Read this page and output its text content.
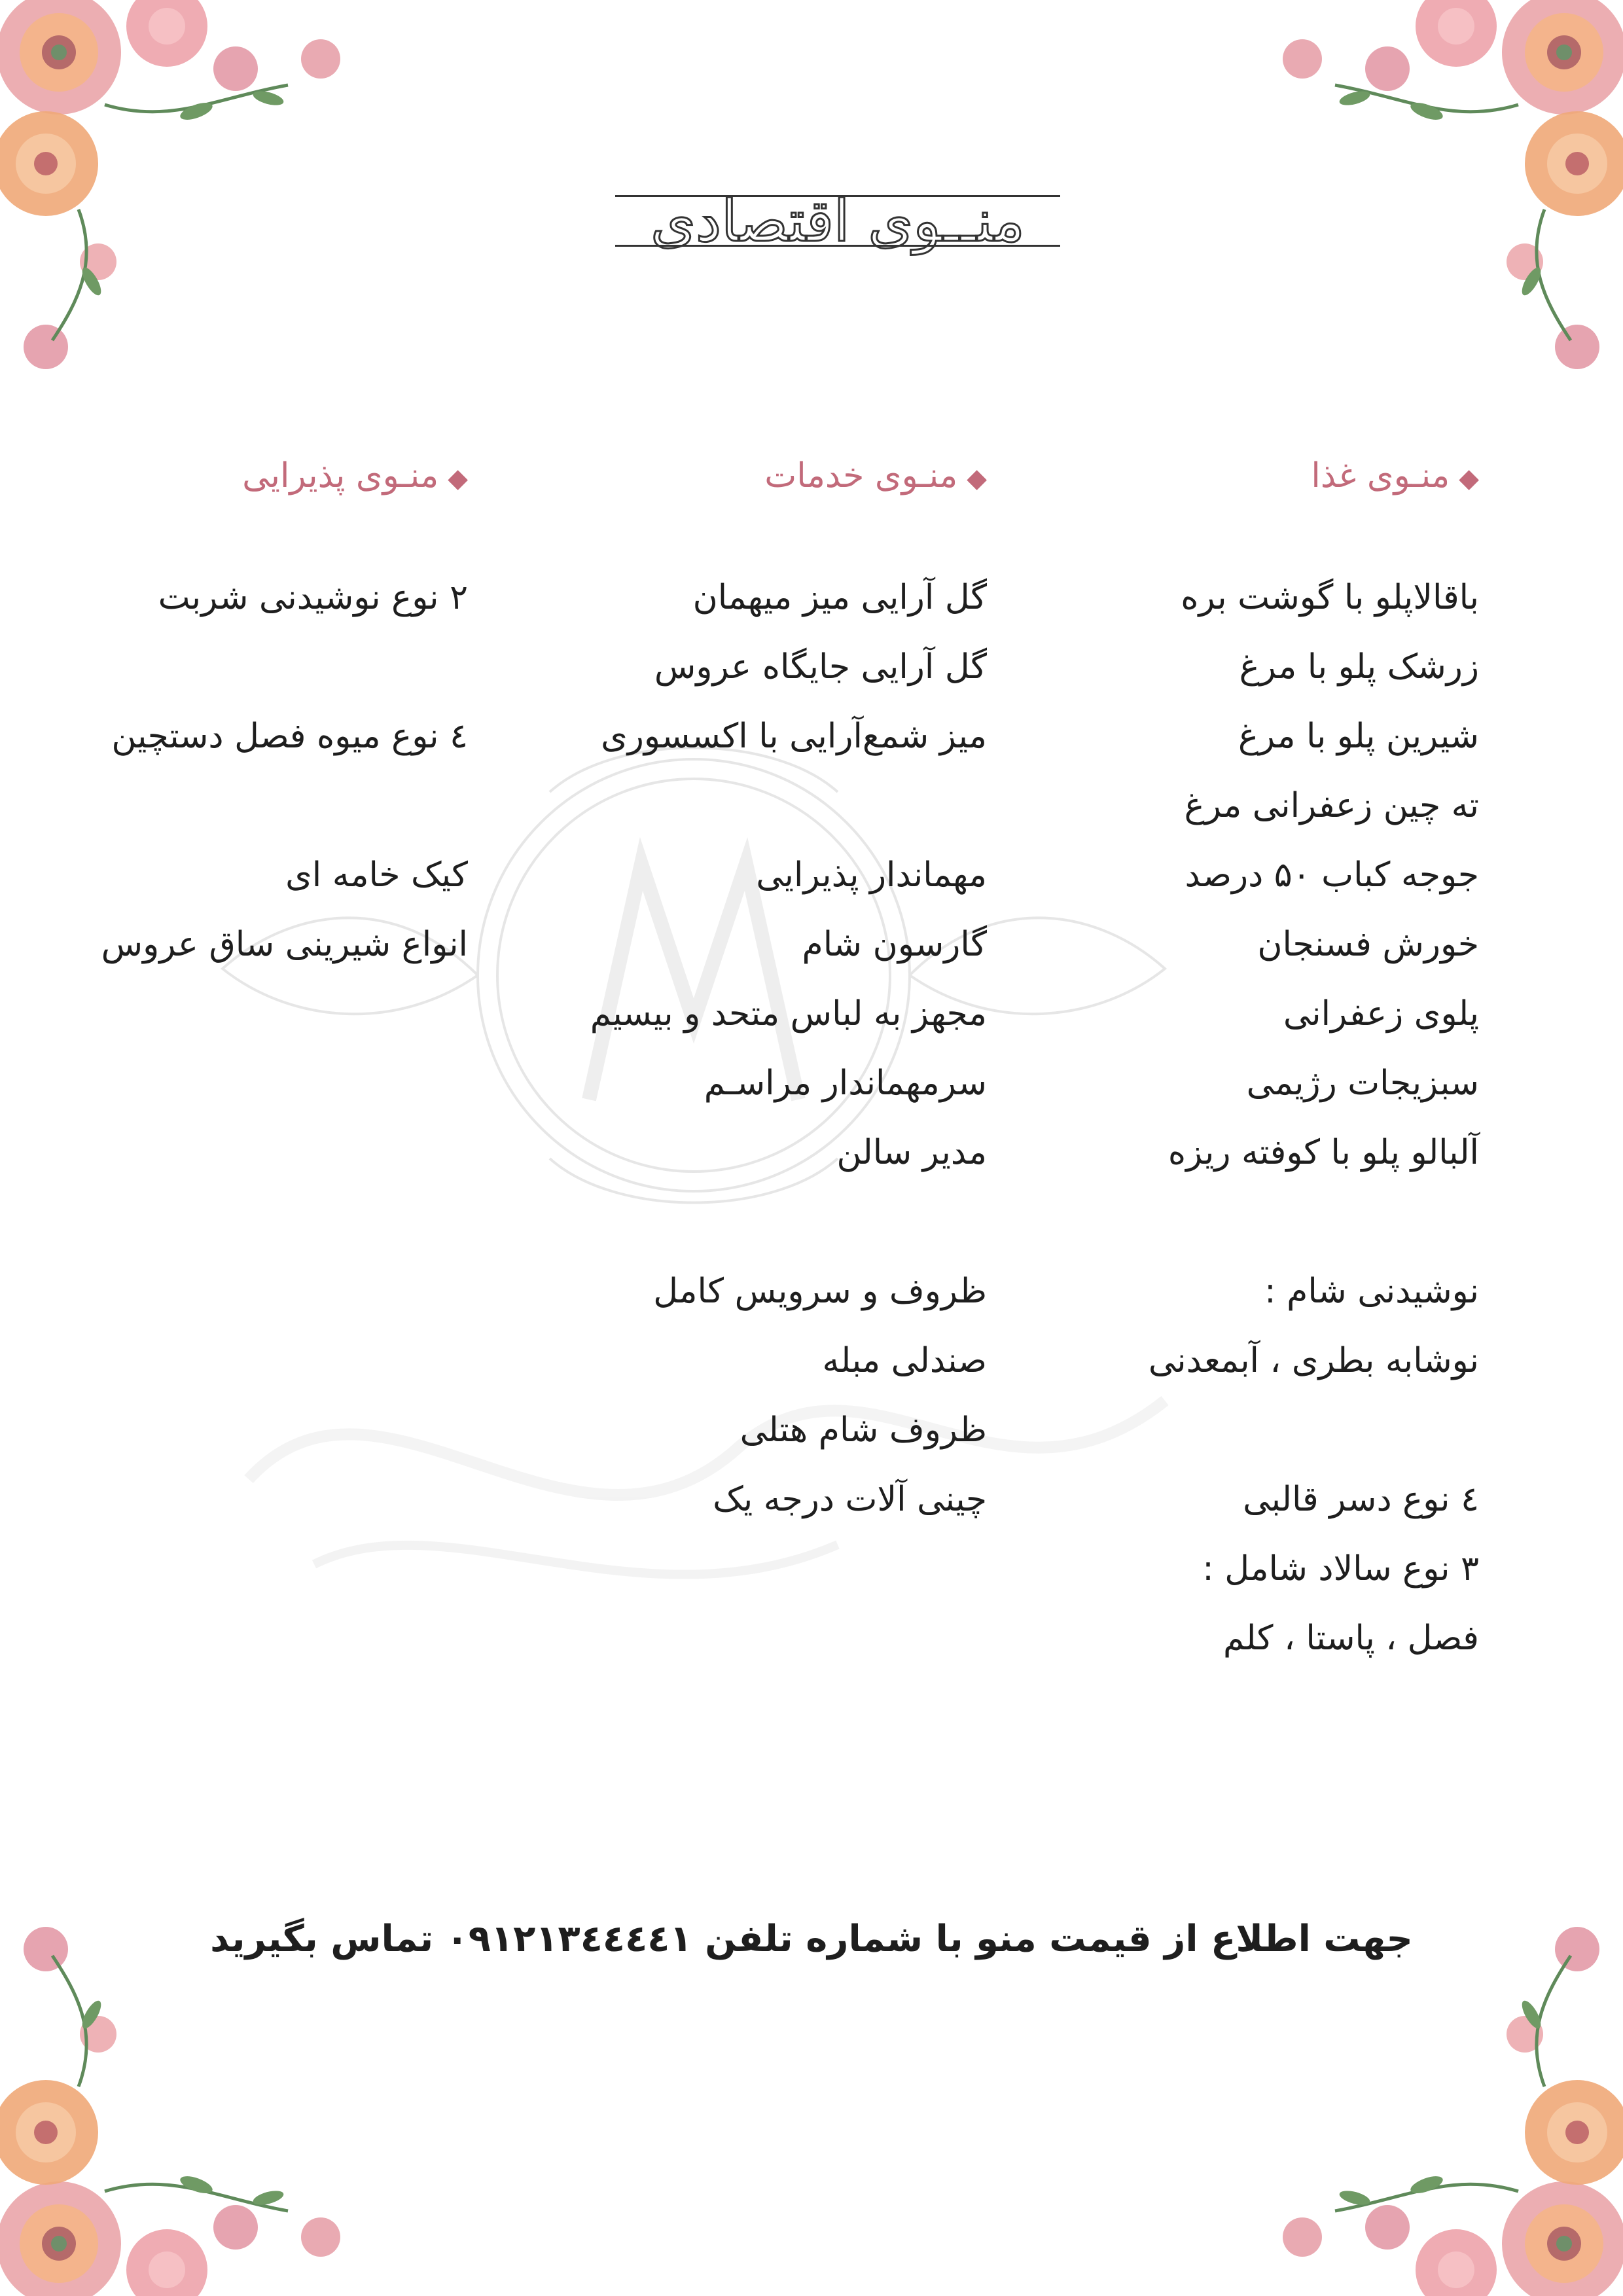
منــوی اقتصادی
◆منـوی غذا
باقالاپلو با گوشت بره
زرشک پلو با مرغ
شیرین پلو با مرغ
ته چین زعفرانی مرغ
جوجه کباب ۵۰ درصد
خورش فسنجان
پلوی زعفرانی
سبزیجات رژیمی
آلبالو پلو با کوفته ریزه
نوشیدنی شام :
نوشابه بطری ، آبمعدنی
٤ نوع دسر قالبی
۳ نوع سالاد شامل :
فصل ، پاستا ، کلم
◆منـوی خدمات
گل آرایی میز میهمان
گل آرایی جایگاه عروس
میز شمع‌آرایی با اکسسوری
مهماندار پذیرایی
گارسون شام
مجهز به لباس متحد و بیسیم
سرمهماندار مراسـم
مدیر سالن
ظروف و سرویس کامل
صندلی مبله
ظروف شام هتلی
چینی آلات درجه یک
◆منـوی پذیرایی
۲ نوع نوشیدنی شربت
٤ نوع میوه فصل دستچین
کیک خامه ای
انواع شیرینی ساق عروس
جهت اطلاع از قیمت منو با شماره تلفن ۰۹۱۲۱۳٤٤٤٤۱ تماس بگیرید
